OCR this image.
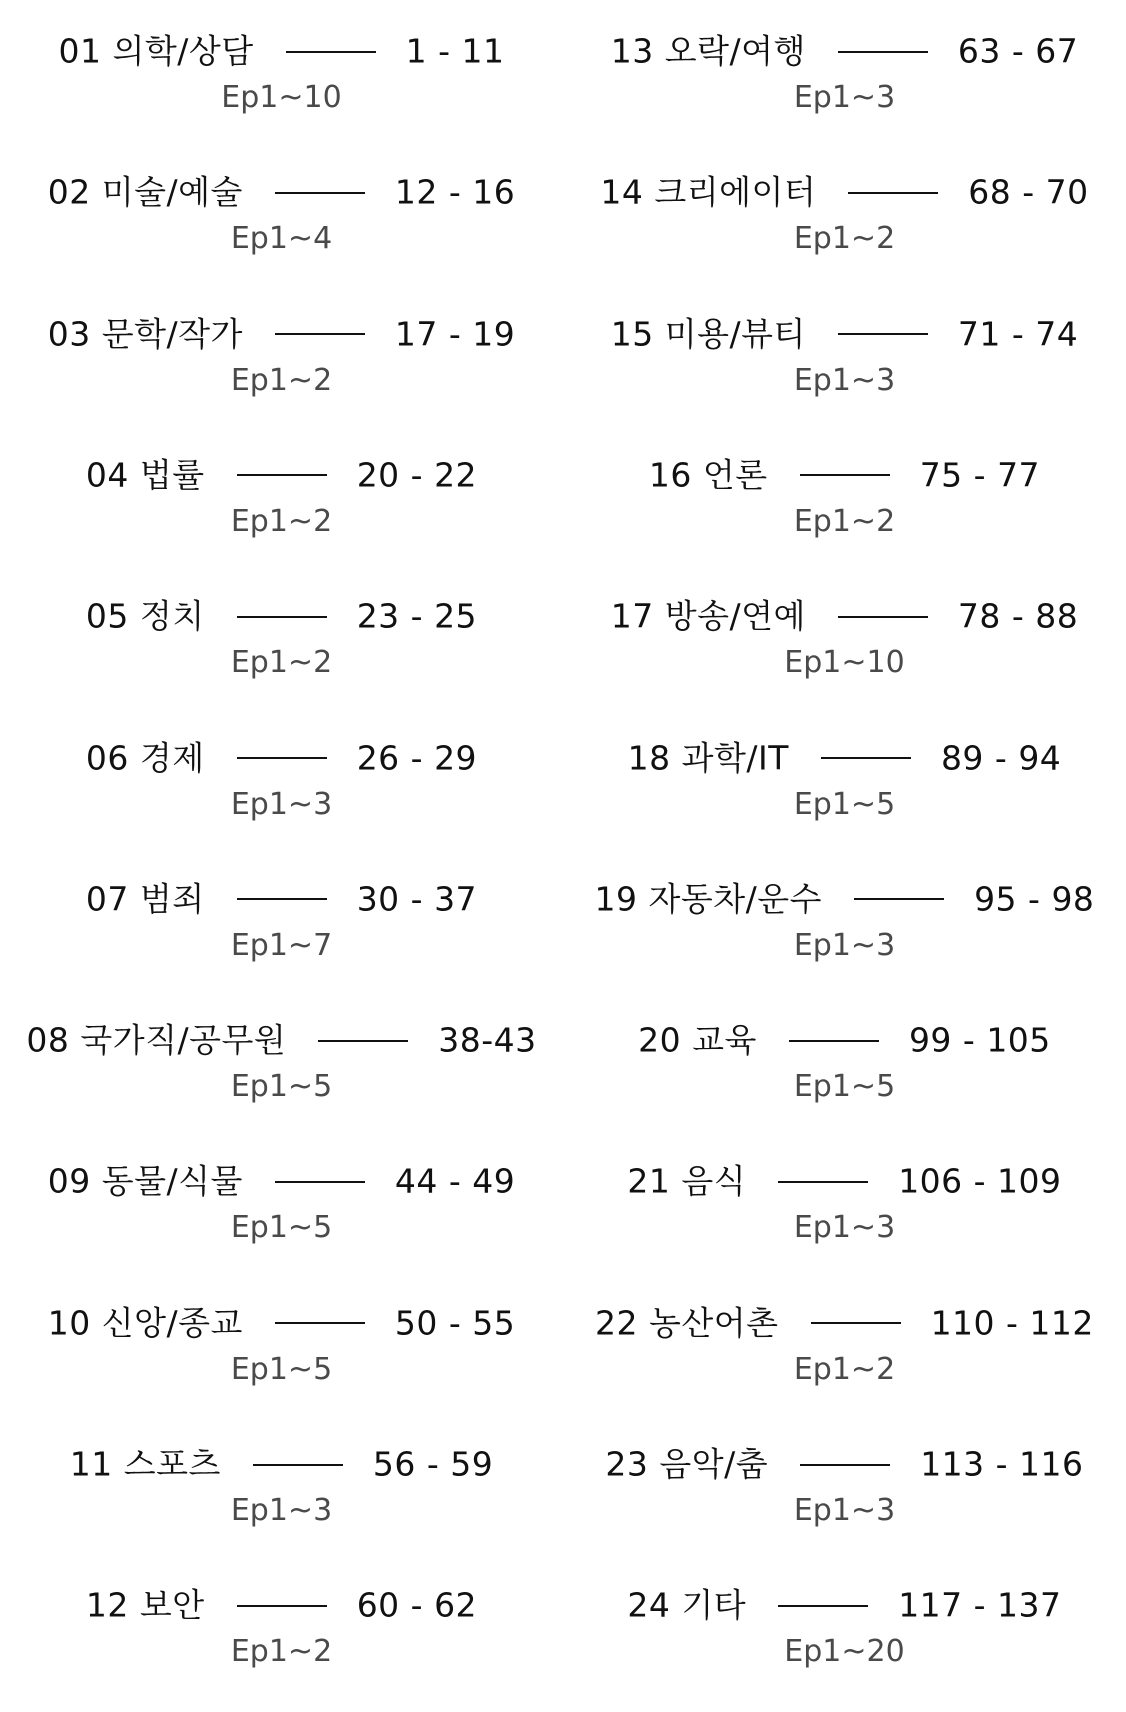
01 의학/상담	1 - 11
Ep1~10
02 미술/예술	12 - 16
Ep1~4
03 문학/작가	17 - 19
Ep1~2
04 법률	20 - 22
Ep1~2
05 정치	23 - 25
Ep1~2
06 경제	26 - 29
Ep1~3
07 범죄	30 - 37
Ep1~7
08 국가직/공무원	38-43
Ep1~5
09 동물/식물	44 - 49
Ep1~5
10 신앙/종교	50 - 55
Ep1~5
11 스포츠	56 - 59
Ep1~3
12 보안	60 - 62
Ep1~2
13 오락/여행	63 - 67
Ep1~3
14 크리에이터	68 - 70
Ep1~2
15 미용/뷰티	71 - 74
Ep1~3
16 언론	75 - 77
Ep1~2
17 방송/연예	78 - 88
Ep1~10
18 과학/IT	89 - 94
Ep1~5
19 자동차/운수	95 - 98
Ep1~3
20 교육	99 - 105
Ep1~5
21 음식	106 - 109
Ep1~3
22 농산어촌	110 - 112
Ep1~2
23 음악/춤	113 - 116
Ep1~3
24 기타	117 - 137
Ep1~20
